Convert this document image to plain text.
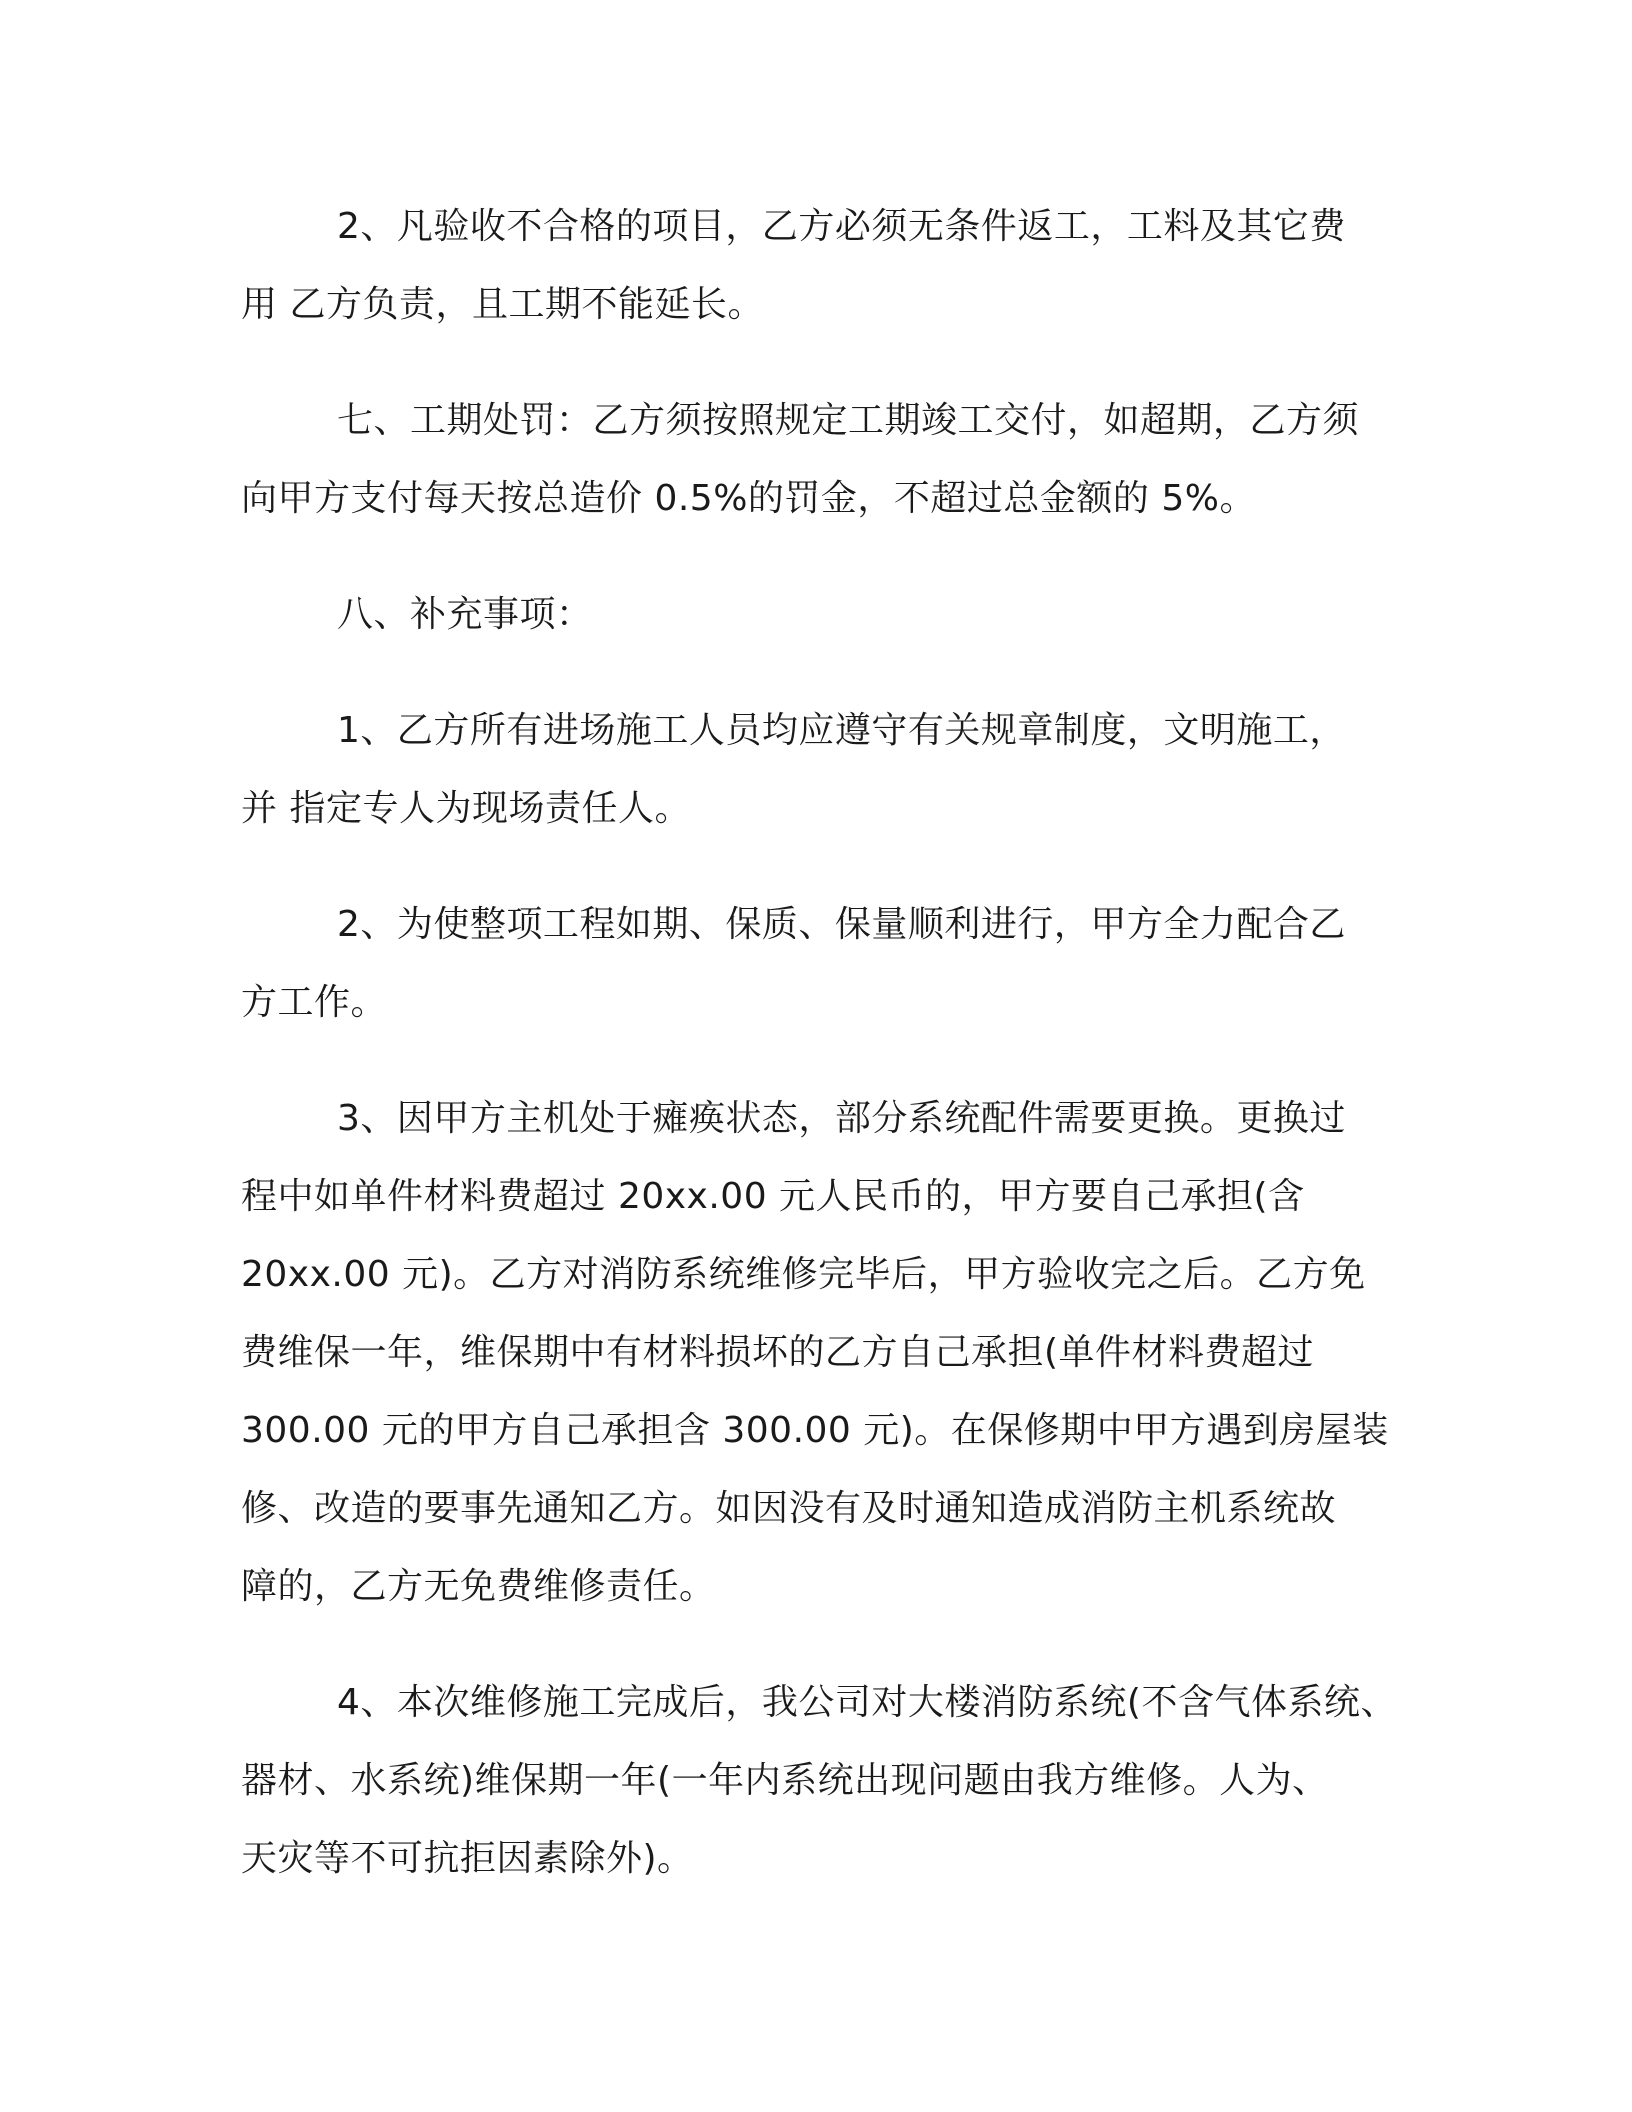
2、凡验收不合格的项目，乙方必须无条件返工，工料及其它费
用 乙方负责，且工期不能延长。

七、工期处罚：乙方须按照规定工期竣工交付，如超期，乙方须
向甲方支付每天按总造价 0.5%的罚金，不超过总金额的 5%。

八、补充事项：

1、乙方所有进场施工人员均应遵守有关规章制度，文明施工，
并 指定专人为现场责任人。

2、为使整项工程如期、保质、保量顺利进行，甲方全力配合乙
方工作。

3、因甲方主机处于瘫痪状态，部分系统配件需要更换。更换过
程中如单件材料费超过 20xx.00 元人民币的，甲方要自己承担(含
20xx.00 元)。乙方对消防系统维修完毕后，甲方验收完之后。乙方免
费维保一年，维保期中有材料损坏的乙方自己承担(单件材料费超过
300.00 元的甲方自己承担含 300.00 元)。在保修期中甲方遇到房屋装
修、改造的要事先通知乙方。如因没有及时通知造成消防主机系统故
障的，乙方无免费维修责任。

4、本次维修施工完成后，我公司对大楼消防系统(不含气体系统、
器材、水系统)维保期一年(一年内系统出现问题由我方维修。人为、
天灾等不可抗拒因素除外)。
